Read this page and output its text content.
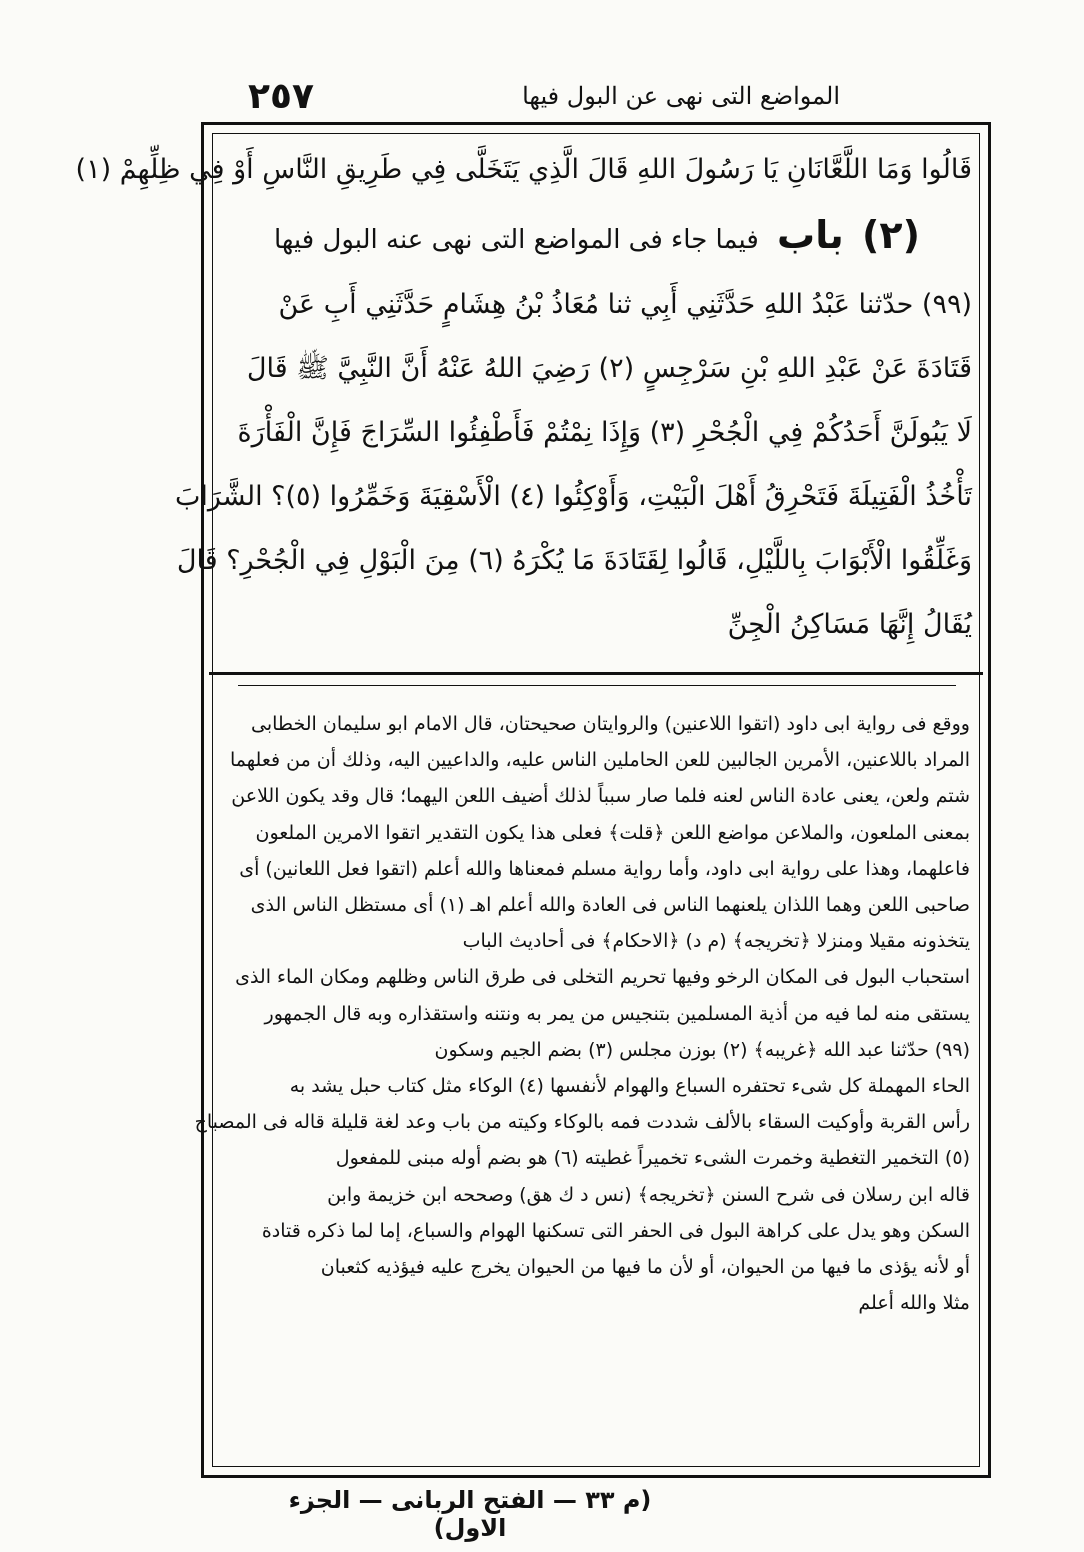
٢٥٧	المواضع التى نهى عن البول فيها

قَالُوا وَمَا اللَّعَّانَانِ يَا رَسُولَ اللهِ قَالَ الَّذِي يَتَخَلَّى فِي طَرِيقِ النَّاسِ أَوْ فِي ظِلِّهِمْ (١)

(٢) باب فيما جاء فى المواضع التى نهى عنه البول فيها

(٩٩) حدّثنا عَبْدُ اللهِ حَدَّثَنِي أَبِي ثنا مُعَاذُ بْنُ هِشَامٍ حَدَّثَنِي أَبِ عَنْ

قَتَادَةَ عَنْ عَبْدِ اللهِ بْنِ سَرْجِسٍ (٢) رَضِيَ اللهُ عَنْهُ أَنَّ النَّبِيَّ ﷺ قَالَ

لَا يَبُولَنَّ أَحَدُكُمْ فِي الْجُحْرِ (٣) وَإِذَا نِمْتُمْ فَأَطْفِئُوا السِّرَاجَ فَإِنَّ الْفَأْرَةَ

تَأْخُذُ الْفَتِيلَةَ فَتَحْرِقُ أَهْلَ الْبَيْتِ، وَأَوْكِئُوا (٤) الْأَسْقِيَةَ وَخَمِّرُوا (٥)؟ الشَّرَابَ

وَغَلِّقُوا الْأَبْوَابَ بِاللَّيْلِ، قَالُوا لِقَتَادَةَ مَا يُكْرَهُ (٦) مِنَ الْبَوْلِ فِي الْجُحْرِ؟ قَالَ

يُقَالُ إِنَّهَا مَسَاكِنُ الْجِنِّ

ووقع فى رواية ابى داود (اتقوا اللاعنين) والروايتان صحيحتان، قال الامام ابو سليمان الخطابى

المراد باللاعنين، الأمرين الجالبين للعن الحاملين الناس عليه، والداعيين اليه، وذلك أن من فعلهما

شتم ولعن، يعنى عادة الناس لعنه فلما صار سبباً لذلك أضيف اللعن اليهما؛ قال وقد يكون اللاعن

بمعنى الملعون، والملاعن مواضع اللعن ﴿قلت﴾ فعلى هذا يكون التقدير اتقوا الامرين الملعون

فاعلهما، وهذا على رواية ابى داود، وأما رواية مسلم فمعناها والله أعلم (اتقوا فعل اللعانين) أى

صاحبى اللعن وهما اللذان يلعنهما الناس فى العادة والله أعلم اهـ (١) أى مستظل الناس الذى

يتخذونه مقيلا ومنزلا ﴿تخريجه﴾ (م د) ﴿الاحكام﴾ فى أحاديث الباب

استحباب البول فى المكان الرخو وفيها تحريم التخلى فى طرق الناس وظلهم ومكان الماء الذى

يستقى منه لما فيه من أذية المسلمين بتنجيس من يمر به ونتنه واستقذاره وبه قال الجمهور

(٩٩) حدّثنا عبد الله ﴿غريبه﴾ (٢) بوزن مجلس (٣) بضم الجيم وسكون

الحاء المهملة كل شىء تحتفره السباع والهوام لأنفسها (٤) الوكاء مثل كتاب حبل يشد به

رأس القربة وأوكيت السقاء بالألف شددت فمه بالوكاء وكيته من باب وعد لغة قليلة قاله فى المصباح

(٥) التخمير التغطية وخمرت الشىء تخميراً غطيته (٦) هو بضم أوله مبنى للمفعول

قاله ابن رسلان فى شرح السنن ﴿تخريجه﴾ (نس د ك هق) وصححه ابن خزيمة وابن

السكن وهو يدل على كراهة البول فى الحفر التى تسكنها الهوام والسباع، إما لما ذكره قتادة

أو لأنه يؤذى ما فيها من الحيوان، أو لأن ما فيها من الحيوان يخرج عليه فيؤذيه كثعبان

مثلا والله أعلم

(م ٣٣ — الفتح الربانى — الجزء الاول)
